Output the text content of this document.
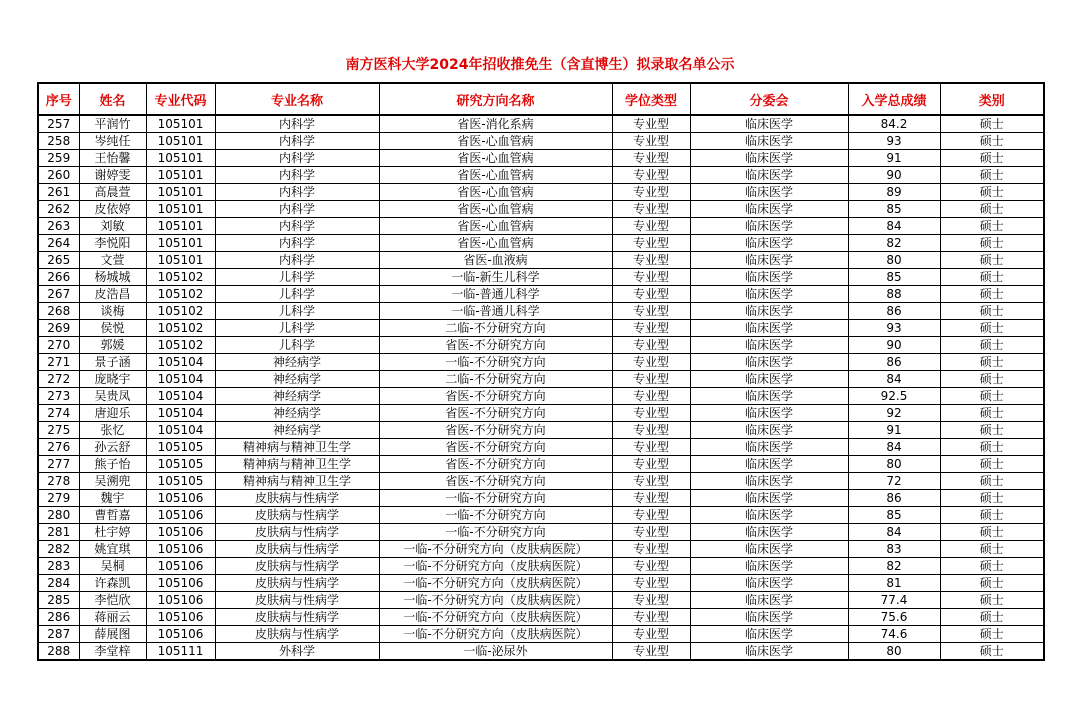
南方医科大学2024年招收推免生（含直博生）拟录取名单公示
序号	姓名	专业代码	专业名称	研究方向名称	学位类型	分委会	入学总成绩	类别
257	平润竹	105101	内科学	省医-消化系病	专业型	临床医学	84.2	硕士
258	岑纯任	105101	内科学	省医-心血管病	专业型	临床医学	93	硕士
259	王怡馨	105101	内科学	省医-心血管病	专业型	临床医学	91	硕士
260	谢婷雯	105101	内科学	省医-心血管病	专业型	临床医学	90	硕士
261	高晨萱	105101	内科学	省医-心血管病	专业型	临床医学	89	硕士
262	皮依婷	105101	内科学	省医-心血管病	专业型	临床医学	85	硕士
263	刘敏	105101	内科学	省医-心血管病	专业型	临床医学	84	硕士
264	李悦阳	105101	内科学	省医-心血管病	专业型	临床医学	82	硕士
265	文萱	105101	内科学	省医-血液病	专业型	临床医学	80	硕士
266	杨城城	105102	儿科学	一临-新生儿科学	专业型	临床医学	85	硕士
267	皮浩昌	105102	儿科学	一临-普通儿科学	专业型	临床医学	88	硕士
268	谈梅	105102	儿科学	一临-普通儿科学	专业型	临床医学	86	硕士
269	侯悦	105102	儿科学	二临-不分研究方向	专业型	临床医学	93	硕士
270	郭媛	105102	儿科学	省医-不分研究方向	专业型	临床医学	90	硕士
271	景子涵	105104	神经病学	一临-不分研究方向	专业型	临床医学	86	硕士
272	庞晓宇	105104	神经病学	二临-不分研究方向	专业型	临床医学	84	硕士
273	吴贵凤	105104	神经病学	省医-不分研究方向	专业型	临床医学	92.5	硕士
274	唐迎乐	105104	神经病学	省医-不分研究方向	专业型	临床医学	92	硕士
275	张忆	105104	神经病学	省医-不分研究方向	专业型	临床医学	91	硕士
276	孙云舒	105105	精神病与精神卫生学	省医-不分研究方向	专业型	临床医学	84	硕士
277	熊子怡	105105	精神病与精神卫生学	省医-不分研究方向	专业型	临床医学	80	硕士
278	吴溯兜	105105	精神病与精神卫生学	省医-不分研究方向	专业型	临床医学	72	硕士
279	魏宇	105106	皮肤病与性病学	一临-不分研究方向	专业型	临床医学	86	硕士
280	曹哲嘉	105106	皮肤病与性病学	一临-不分研究方向	专业型	临床医学	85	硕士
281	杜宇婷	105106	皮肤病与性病学	一临-不分研究方向	专业型	临床医学	84	硕士
282	姚宜琪	105106	皮肤病与性病学	一临-不分研究方向（皮肤病医院）	专业型	临床医学	83	硕士
283	吴桐	105106	皮肤病与性病学	一临-不分研究方向（皮肤病医院）	专业型	临床医学	82	硕士
284	许森凯	105106	皮肤病与性病学	一临-不分研究方向（皮肤病医院）	专业型	临床医学	81	硕士
285	李恺欣	105106	皮肤病与性病学	一临-不分研究方向（皮肤病医院）	专业型	临床医学	77.4	硕士
286	蒋丽云	105106	皮肤病与性病学	一临-不分研究方向（皮肤病医院）	专业型	临床医学	75.6	硕士
287	薛展图	105106	皮肤病与性病学	一临-不分研究方向（皮肤病医院）	专业型	临床医学	74.6	硕士
288	李堂梓	105111	外科学	一临-泌尿外	专业型	临床医学	80	硕士
